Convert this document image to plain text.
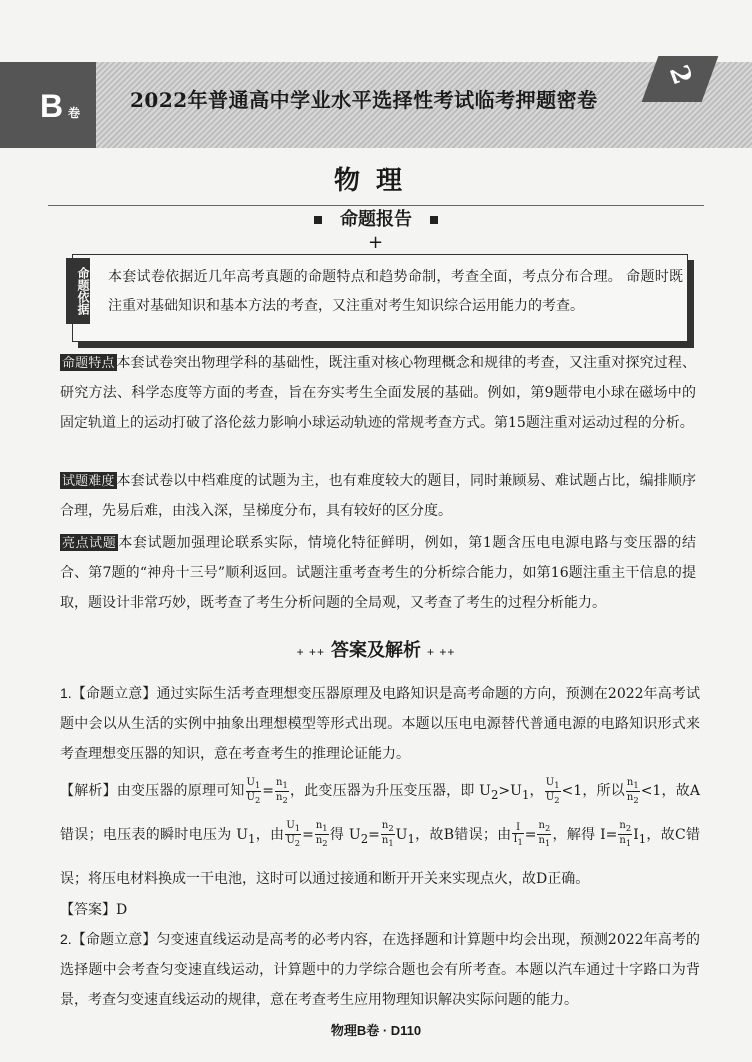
B 卷
2022年普通高中学业水平选择性考试临考押题密卷
2
物理
命题报告
+
命题依据 本套试卷依据近几年高考真题的命题特点和趋势命制，考查全面，考点分布合理。 命题时既注重对基础知识和基本方法的考查，又注重对考生知识综合运用能力的考查。
命题特点 本套试卷突出物理学科的基础性，既注重对核心物理概念和规律的考查，又注重对探究过程、研究方法、科学态度等方面的考查，旨在夯实考生全面发展的基础。例如，第9题带电小球在磁场中的固定轨道上的运动打破了洛伦兹力影响小球运动轨迹的常规考查方式。第15题注重对运动过程的分析。
试题难度 本套试卷以中档难度的试题为主，也有难度较大的题目，同时兼顾易、难试题占比，编排顺序合理，先易后难，由浅入深，呈梯度分布，具有较好的区分度。
亮点试题 本套试题加强理论联系实际，情境化特征鲜明，例如，第1题含压电电源电路与变压器的结合、第7题的“神舟十三号”顺利返回。试题注重考查考生的分析综合能力，如第16题注重主干信息的提取，题设计非常巧妙，既考查了考生分析问题的全局观，又考查了考生的过程分析能力。
+ ++ 答案及解析 + ++
1.【命题立意】通过实际生活考查理想变压器原理及电路知识是高考命题的方向，预测在2022年高考试题中会以从生活的实例中抽象出理想模型等形式出现。本题以压电电源替代普通电源的电路知识形式来考查理想变压器的知识，意在考查考生的推理论证能力。
【解析】由变压器的原理可知 $\frac{U_1}{U_2} = \frac{n_1}{n_2}$ ，此变压器为升压变压器，即 $U_2>U_1$， $\frac{U_1}{U_2} <1$，所以 $\frac{n_1}{n_2} <1$，故A错误；电压表的瞬时电压为 $U_1$，由 $\frac{U_1}{U_2} = \frac{n_1}{n_2}$ 得 $U_2= \frac{n_2}{n_1} U_1$，故B错误；由 $\frac{I}{I_1} = \frac{n_2}{n_1}$ ，解得 $I= \frac{n_2}{n_1} I_1$，故C错误；将压电材料换成一干电池，这时可以通过接通和断开开关来实现点火，故D正确。
【答案】D
2.【命题立意】匀变速直线运动是高考的必考内容，在选择题和计算题中均会出现，预测2022年高考的选择题中会考查匀变速直线运动，计算题中的力学综合题也会有所考查。本题以汽车通过十字路口为背景，考查匀变速直线运动的规律，意在考查考生应用物理知识解决实际问题的能力。
物理B卷 · D110
